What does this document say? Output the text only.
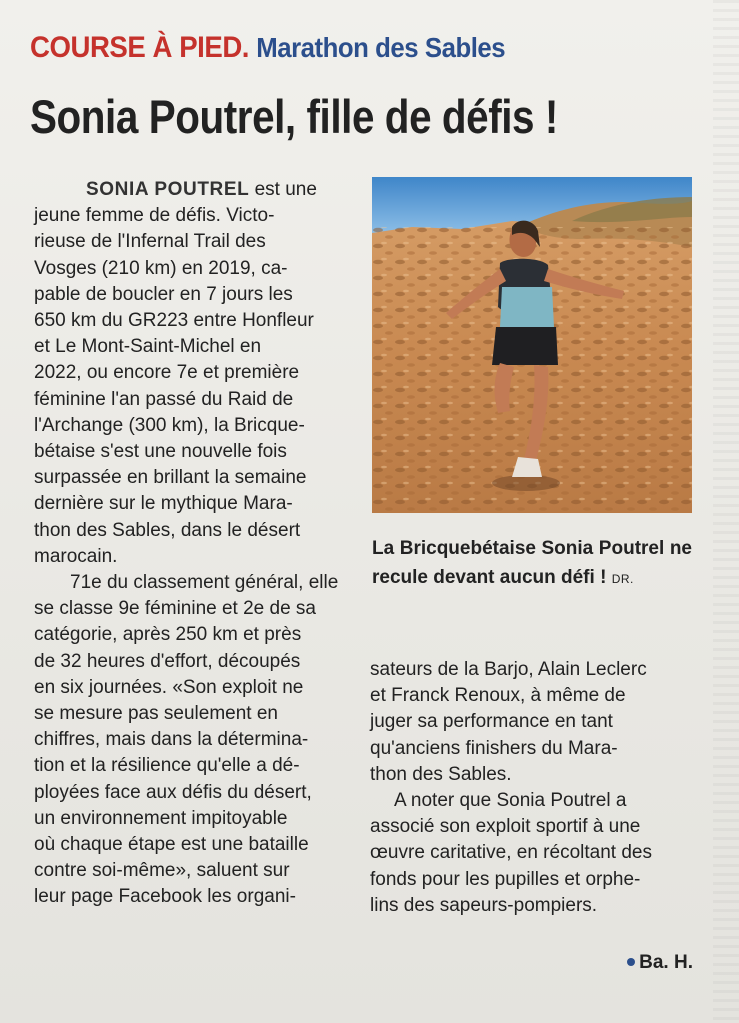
COURSE À PIED. Marathon des Sables
Sonia Poutrel, fille de défis !
SONIA POUTREL est une
jeune femme de défis. Victo-
rieuse de l'Infernal Trail des
Vosges (210 km) en 2019, ca-
pable de boucler en 7 jours les
650 km du GR223 entre Honfleur
et Le Mont-Saint-Michel en
2022, ou encore 7e et première
féminine l'an passé du Raid de
l'Archange (300 km), la Bricque-
bétaise s'est une nouvelle fois
surpassée en brillant la semaine
dernière sur le mythique Mara-
thon des Sables, dans le désert
marocain.
71e du classement général, elle
se classe 9e féminine et 2e de sa
catégorie, après 250 km et près
de 32 heures d'effort, découpés
en six journées. «Son exploit ne
se mesure pas seulement en
chiffres, mais dans la détermina-
tion et la résilience qu'elle a dé-
ployées face aux défis du désert,
un environnement impitoyable
où chaque étape est une bataille
contre soi-même», saluent sur
leur page Facebook les organi-
La Bricquebétaise Sonia Poutrel ne recule devant aucun défi ! DR.
sateurs de la Barjo, Alain Leclerc
et Franck Renoux, à même de
juger sa performance en tant
qu'anciens finishers du Mara-
thon des Sables.
A noter que Sonia Poutrel a
associé son exploit sportif à une
œuvre caritative, en récoltant des
fonds pour les pupilles et orphe-
lins des sapeurs-pompiers.
Ba. H.
